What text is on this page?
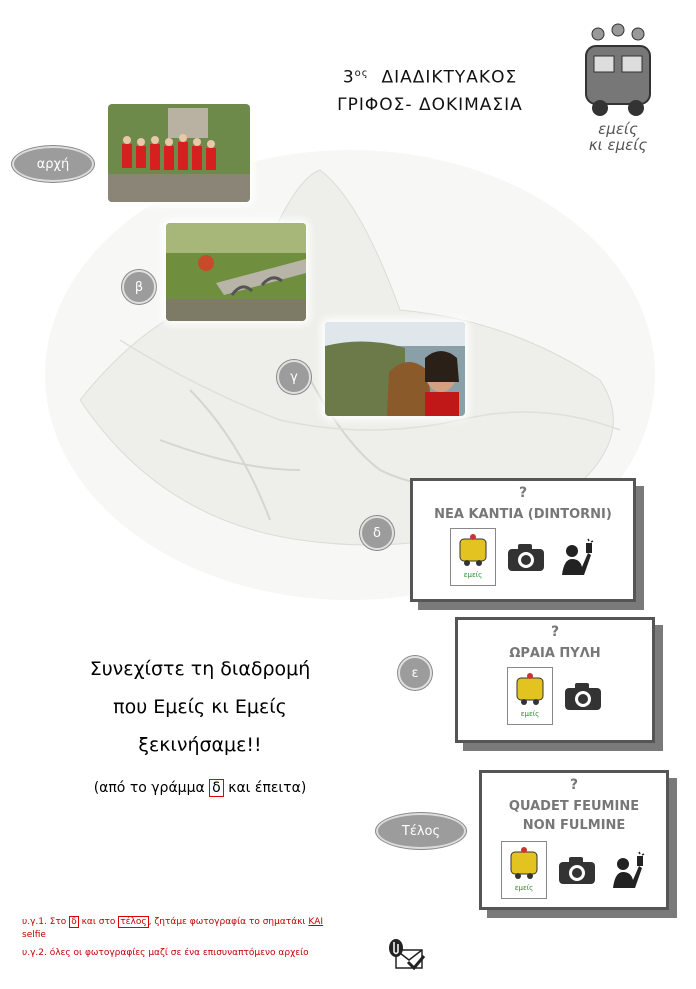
$3^{o\varsigma}$ ΔΙΑΔΙΚΤΥΑΚΟΣ
ΓΡΙΦΟΣ- ΔΟΚΙΜΑΣΙΑ
εμείς
κι εμείς
αρχή
β
γ
δ
ε
Τέλος
?
ΝΕΑ ΚΑΝΤΙΑ (DINTORNI)
εμείς
?
ΩΡΑΙΑ ΠΥΛΗ
εμείς
?
QUADET FEUMINE NON FULMINE
εμείς
Συνεχίστε τη διαδρομή
που Εμείς κι Εμείς
ξεκινήσαμε!!
(από το γράμμα δ και έπειτα)
υ.γ.1. Στο δ και στο τέλος , ζητάμε φωτογραφία το σηματάκι ΚΑΙ
selfie
υ.γ.2. όλες οι φωτογραφίες μαζί σε ένα επισυναπτόμενο αρχείο
